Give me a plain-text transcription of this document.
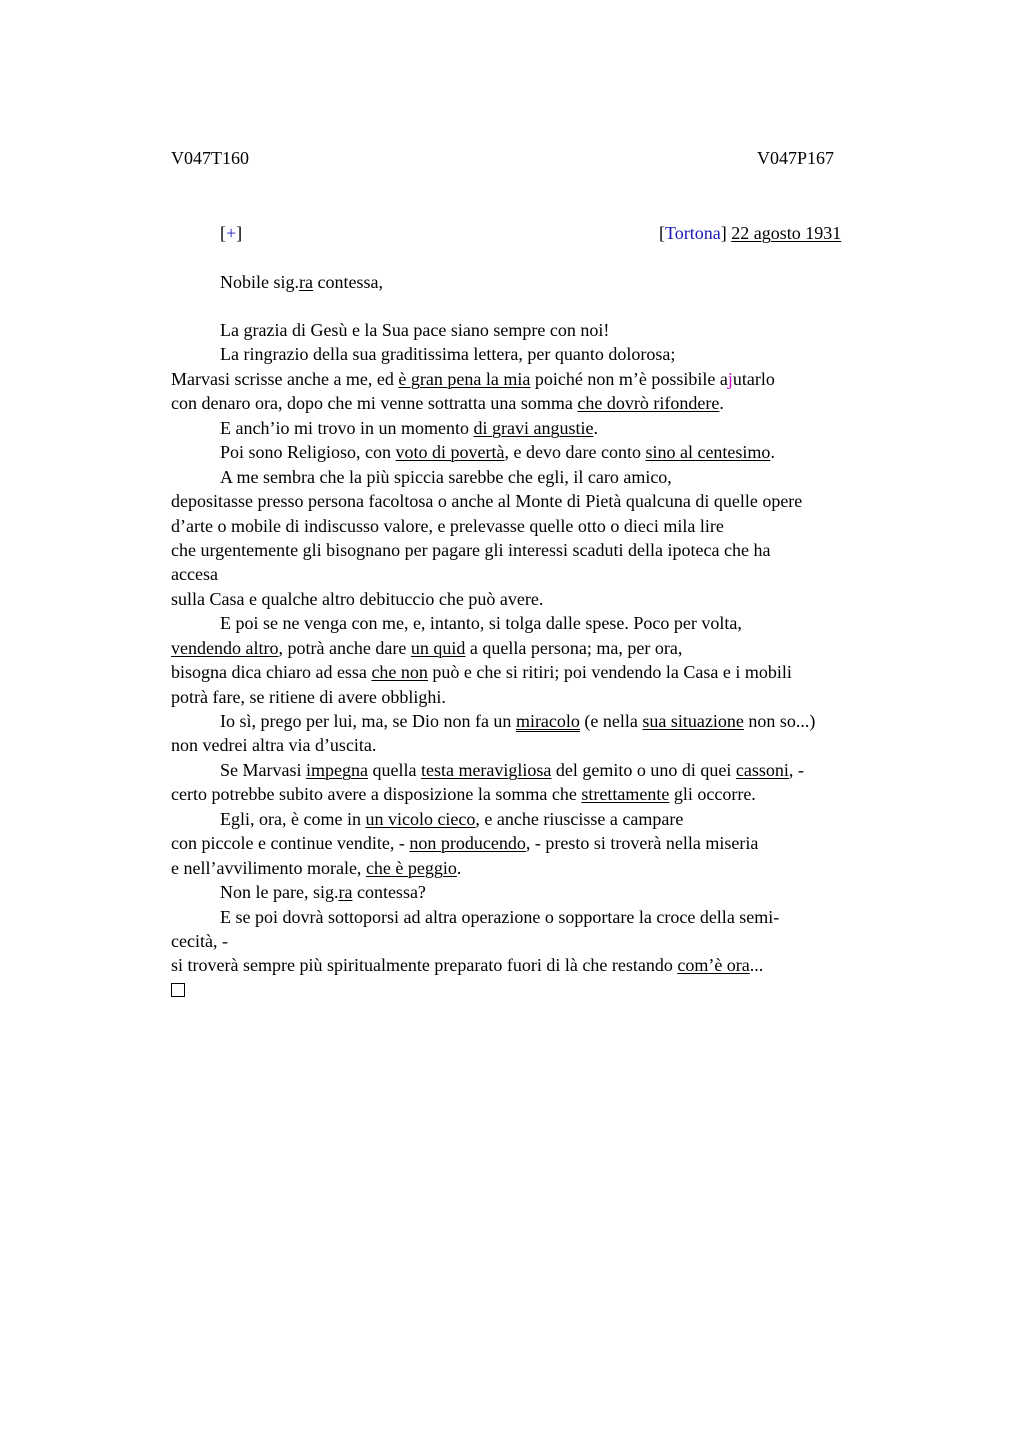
V047T160	V047P167
[+]	[Tortona] 22 agosto 1931
Nobile sig.ra contessa,
La grazia di Gesù e la Sua pace siano sempre con noi!
La ringrazio della sua graditissima lettera, per quanto dolorosa;
Marvasi scrisse anche a me, ed è gran pena la mia poiché non m’è possibile ajutarlo
con denaro ora, dopo che mi venne sottratta una somma che dovrò rifondere.
E anch’io mi trovo in un momento di gravi angustie.
Poi sono Religioso, con voto di povertà, e devo dare conto sino al centesimo.
A me sembra che la più spiccia sarebbe che egli, il caro amico,
depositasse presso persona facoltosa o anche al Monte di Pietà qualcuna di quelle opere
d’arte o mobile di indiscusso valore, e prelevasse quelle otto o dieci mila lire
che urgentemente gli bisognano per pagare gli interessi scaduti della ipoteca che ha
accesa
sulla Casa e qualche altro debituccio che può avere.
E poi se ne venga con me, e, intanto, si tolga dalle spese. Poco per volta,
vendendo altro, potrà anche dare un quid a quella persona; ma, per ora,
bisogna dica chiaro ad essa che non può e che si ritiri; poi vendendo la Casa e i mobili
potrà fare, se ritiene di avere obblighi.
Io sì, prego per lui, ma, se Dio non fa un miracolo (e nella sua situazione non so...)
non vedrei altra via d’uscita.
Se Marvasi impegna quella testa meravigliosa del gemito o uno di quei cassoni, -
certo potrebbe subito avere a disposizione la somma che strettamente gli occorre.
Egli, ora, è come in un vicolo cieco, e anche riuscisse a campare
con piccole e continue vendite, - non producendo, - presto si troverà nella miseria
e nell’avvilimento morale, che è peggio.
Non le pare, sig.ra contessa?
E se poi dovrà sottoporsi ad altra operazione o sopportare la croce della semi-
cecità, -
si troverà sempre più spiritualmente preparato fuori di là che restando com’è ora...
